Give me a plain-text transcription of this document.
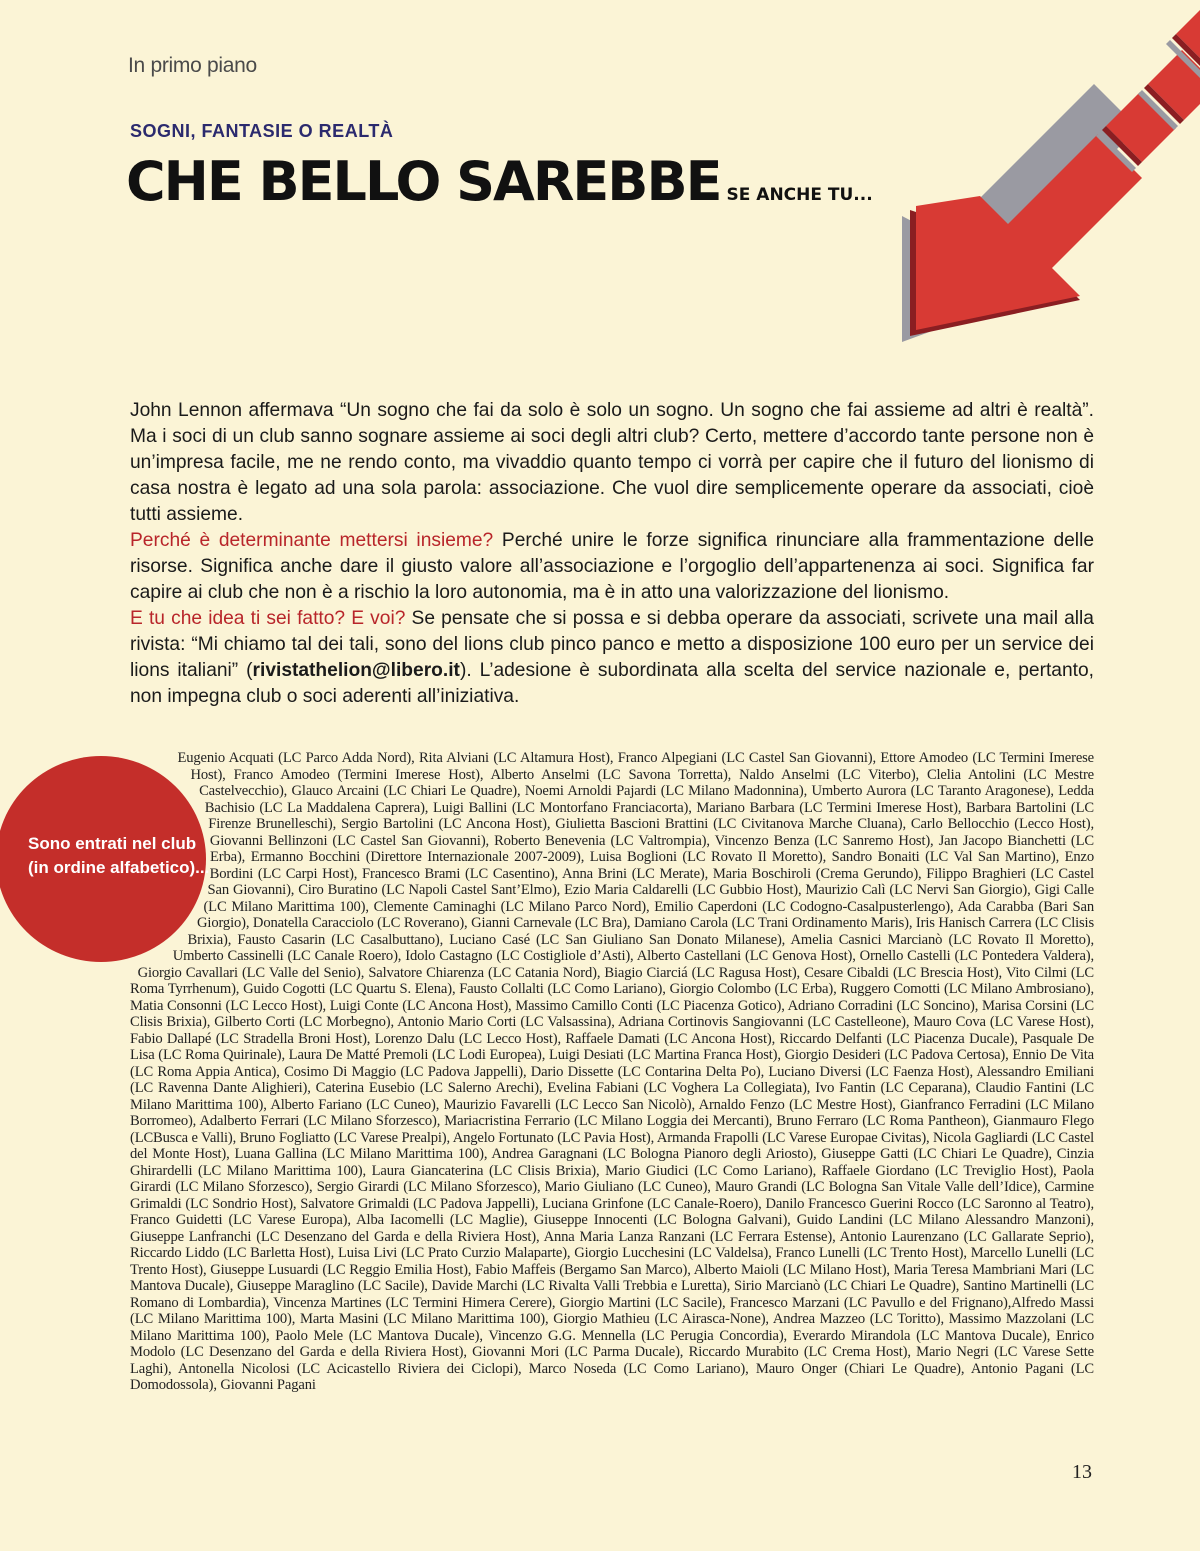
In primo piano
SOGNI, FANTASIE O REALTÀ
CHE BELLO SAREBBE SE ANCHE TU...

John Lennon affermava “Un sogno che fai da solo è solo un sogno. Un sogno che fai assieme ad altri è realtà”. Ma i soci di un club sanno sognare assieme ai soci degli altri club? Certo, mettere d’accordo tante persone non è un’impresa facile, me ne rendo conto, ma vivaddio quanto tempo ci vorrà per capire che il futuro del lionismo di casa nostra è legato ad una sola parola: associazione. Che vuol dire semplicemente operare da associati, cioè tutti assieme.

Perché è determinante mettersi insieme? Perché unire le forze significa rinunciare alla frammentazione delle risorse. Significa anche dare il giusto valore all’associazione e l’orgoglio dell’appartenenza ai soci. Significa far capire ai club che non è a rischio la loro autonomia, ma è in atto una valorizzazione del lionismo.

E tu che idea ti sei fatto? E voi? Se pensate che si possa e si debba operare da associati, scrivete una mail alla rivista: “Mi chiamo tal dei tali, sono del lions club pinco panco e metto a disposizione 100 euro per un service dei lions italiani” (rivistathelion@libero.it). L’adesione è subordinata alla scelta del service nazionale e, pertanto, non impegna club o soci aderenti all’iniziativa.

Sono entrati nel club
(in ordine alfabetico)...
Eugenio Acquati (LC Parco Adda Nord), Rita Alviani (LC Altamura Host), Franco Alpegiani (LC Castel San Giovanni), Ettore Amodeo (LC Termini Imerese Host), Franco Amodeo (Termini Imerese Host), Alberto Anselmi (LC Savona Torretta), Naldo Anselmi (LC Viterbo), Clelia Antolini (LC Mestre Castelvecchio), Glauco Arcaini (LC Chiari Le Quadre), Noemi Arnoldi Pajardi (LC Milano Madonnina), Umberto Aurora (LC Taranto Aragonese), Ledda Bachisio (LC La Maddalena Caprera), Luigi Ballini (LC Montorfano Franciacorta), Mariano Barbara (LC Termini Imerese Host), Barbara Bartolini (LC Firenze Brunelleschi), Sergio Bartolini (LC Ancona Host), Giulietta Bascioni Brattini (LC Civitanova Marche Cluana), Carlo Bellocchio (Lecco Host), Giovanni Bellinzoni (LC Castel San Giovanni), Roberto Benevenia (LC Valtrompia), Vincenzo Benza (LC Sanremo Host), Jan Jacopo Bianchetti (LC Erba), Ermanno Bocchini (Direttore Internazionale 2007-2009), Luisa Boglioni (LC Rovato Il Moretto), Sandro Bonaiti (LC Val San Martino), Enzo Bordini (LC Carpi Host), Francesco Brami (LC Casentino), Anna Brini (LC Merate), Maria Boschiroli (Crema Gerundo), Filippo Braghieri (LC Castel San Giovanni), Ciro Buratino (LC Napoli Castel Sant’Elmo), Ezio Maria Caldarelli (LC Gubbio Host), Maurizio Calì (LC Nervi San Giorgio), Gigi Calle (LC Milano Marittima 100), Clemente Caminaghi (LC Milano Parco Nord), Emilio Caperdoni (LC Codogno-Casalpusterlengo), Ada Carabba (Bari San Giorgio), Donatella Caracciolo (LC Roverano), Gianni Carnevale (LC Bra), Damiano Carola (LC Trani Ordinamento Maris), Iris Hanisch Carrera (LC Clisis Brixia), Fausto Casarin (LC Casalbuttano), Luciano Casé (LC San Giuliano San Donato Milanese), Amelia Casnici Marcianò (LC Rovato Il Moretto), Umberto Cassinelli (LC Canale Roero), Idolo Castagno (LC Costigliole d’Asti), Alberto Castellani (LC Genova Host), Ornello Castelli (LC Pontedera Valdera), Giorgio Cavallari (LC Valle del Senio), Salvatore Chiarenza (LC Catania Nord), Biagio Ciarciá (LC Ragusa Host), Cesare Cibaldi (LC Brescia Host), Vito Cilmi (LC Roma Tyrrhenum), Guido Cogotti (LC Quartu S. Elena), Fausto Collalti (LC Como Lariano), Giorgio Colombo (LC Erba), Ruggero Comotti (LC Milano Ambrosiano), Matia Consonni (LC Lecco Host), Luigi Conte (LC Ancona Host), Massimo Camillo Conti (LC Piacenza Gotico), Adriano Corradini (LC Soncino), Marisa Corsini (LC Clisis Brixia), Gilberto Corti (LC Morbegno), Antonio Mario Corti (LC Valsassina), Adriana Cortinovis Sangiovanni (LC Castelleone), Mauro Cova (LC Varese Host), Fabio Dallapé (LC Stradella Broni Host), Lorenzo Dalu (LC Lecco Host), Raffaele Damati (LC Ancona Host), Riccardo Delfanti (LC Piacenza Ducale), Pasquale De Lisa (LC Roma Quirinale), Laura De Matté Premoli (LC Lodi Europea), Luigi Desiati (LC Martina Franca Host), Giorgio Desideri (LC Padova Certosa), Ennio De Vita (LC Roma Appia Antica), Cosimo Di Maggio (LC Padova Jappelli), Dario Dissette (LC Contarina Delta Po), Luciano Diversi (LC Faenza Host), Alessandro Emiliani (LC Ravenna Dante Alighieri), Caterina Eusebio (LC Salerno Arechi), Evelina Fabiani (LC Voghera La Collegiata), Ivo Fantin (LC Ceparana), Claudio Fantini (LC Milano Marittima 100), Alberto Fariano (LC Cuneo), Maurizio Favarelli (LC Lecco San Nicolò), Arnaldo Fenzo (LC Mestre Host), Gianfranco Ferradini (LC Milano Borromeo), Adalberto Ferrari (LC Milano Sforzesco), Mariacristina Ferrario (LC Milano Loggia dei Mercanti), Bruno Ferraro (LC Roma Pantheon), Gianmauro Flego (LCBusca e Valli), Bruno Fogliatto (LC Varese Prealpi), Angelo Fortunato (LC Pavia Host), Armanda Frapolli (LC Varese Europae Civitas), Nicola Gagliardi (LC Castel del Monte Host), Luana Gallina (LC Milano Marittima 100), Andrea Garagnani (LC Bologna Pianoro degli Ariosto), Giuseppe Gatti (LC Chiari Le Quadre), Cinzia Ghirardelli (LC Milano Marittima 100), Laura Giancaterina (LC Clisis Brixia), Mario Giudici (LC Como Lariano), Raffaele Giordano (LC Treviglio Host), Paola Girardi (LC Milano Sforzesco), Sergio Girardi (LC Milano Sforzesco), Mario Giuliano (LC Cuneo), Mauro Grandi (LC Bologna San Vitale Valle dell’Idice), Carmine Grimaldi (LC Sondrio Host), Salvatore Grimaldi (LC Padova Jappelli), Luciana Grinfone (LC Canale-Roero), Danilo Francesco Guerini Rocco (LC Saronno al Teatro), Franco Guidetti (LC Varese Europa), Alba Iacomelli (LC Maglie), Giuseppe Innocenti (LC Bologna Galvani), Guido Landini (LC Milano Alessandro Manzoni), Giuseppe Lanfranchi (LC Desenzano del Garda e della Riviera Host), Anna Maria Lanza Ranzani (LC Ferrara Estense), Antonio Laurenzano (LC Gallarate Seprio), Riccardo Liddo (LC Barletta Host), Luisa Livi (LC Prato Curzio Malaparte), Giorgio Lucchesini (LC Valdelsa), Franco Lunelli (LC Trento Host), Marcello Lunelli (LC Trento Host), Giuseppe Lusuardi (LC Reggio Emilia Host), Fabio Maffeis (Bergamo San Marco), Alberto Maioli (LC Milano Host), Maria Teresa Mambriani Mari (LC Mantova Ducale), Giuseppe Maraglino (LC Sacile), Davide Marchi (LC Rivalta Valli Trebbia e Luretta), Sirio Marcianò (LC Chiari Le Quadre), Santino Martinelli (LC Romano di Lombardia), Vincenza Martines (LC Termini Himera Cerere), Giorgio Martini (LC Sacile), Francesco Marzani (LC Pavullo e del Frignano),Alfredo Massi (LC Milano Marittima 100), Marta Masini (LC Milano Marittima 100), Giorgio Mathieu (LC Airasca-None), Andrea Mazzeo (LC Toritto), Massimo Mazzolani (LC Milano Marittima 100), Paolo Mele (LC Mantova Ducale), Vincenzo G.G. Mennella (LC Perugia Concordia), Everardo Mirandola (LC Mantova Ducale), Enrico Modolo (LC Desenzano del Garda e della Riviera Host), Giovanni Mori (LC Parma Ducale), Riccardo Murabito (LC Crema Host), Mario Negri (LC Varese Sette Laghi), Antonella Nicolosi (LC Acicastello Riviera dei Ciclopi), Marco Noseda (LC Como Lariano), Mauro Onger (Chiari Le Quadre), Antonio Pagani (LC Domodossola), Giovanni Pagani
13
